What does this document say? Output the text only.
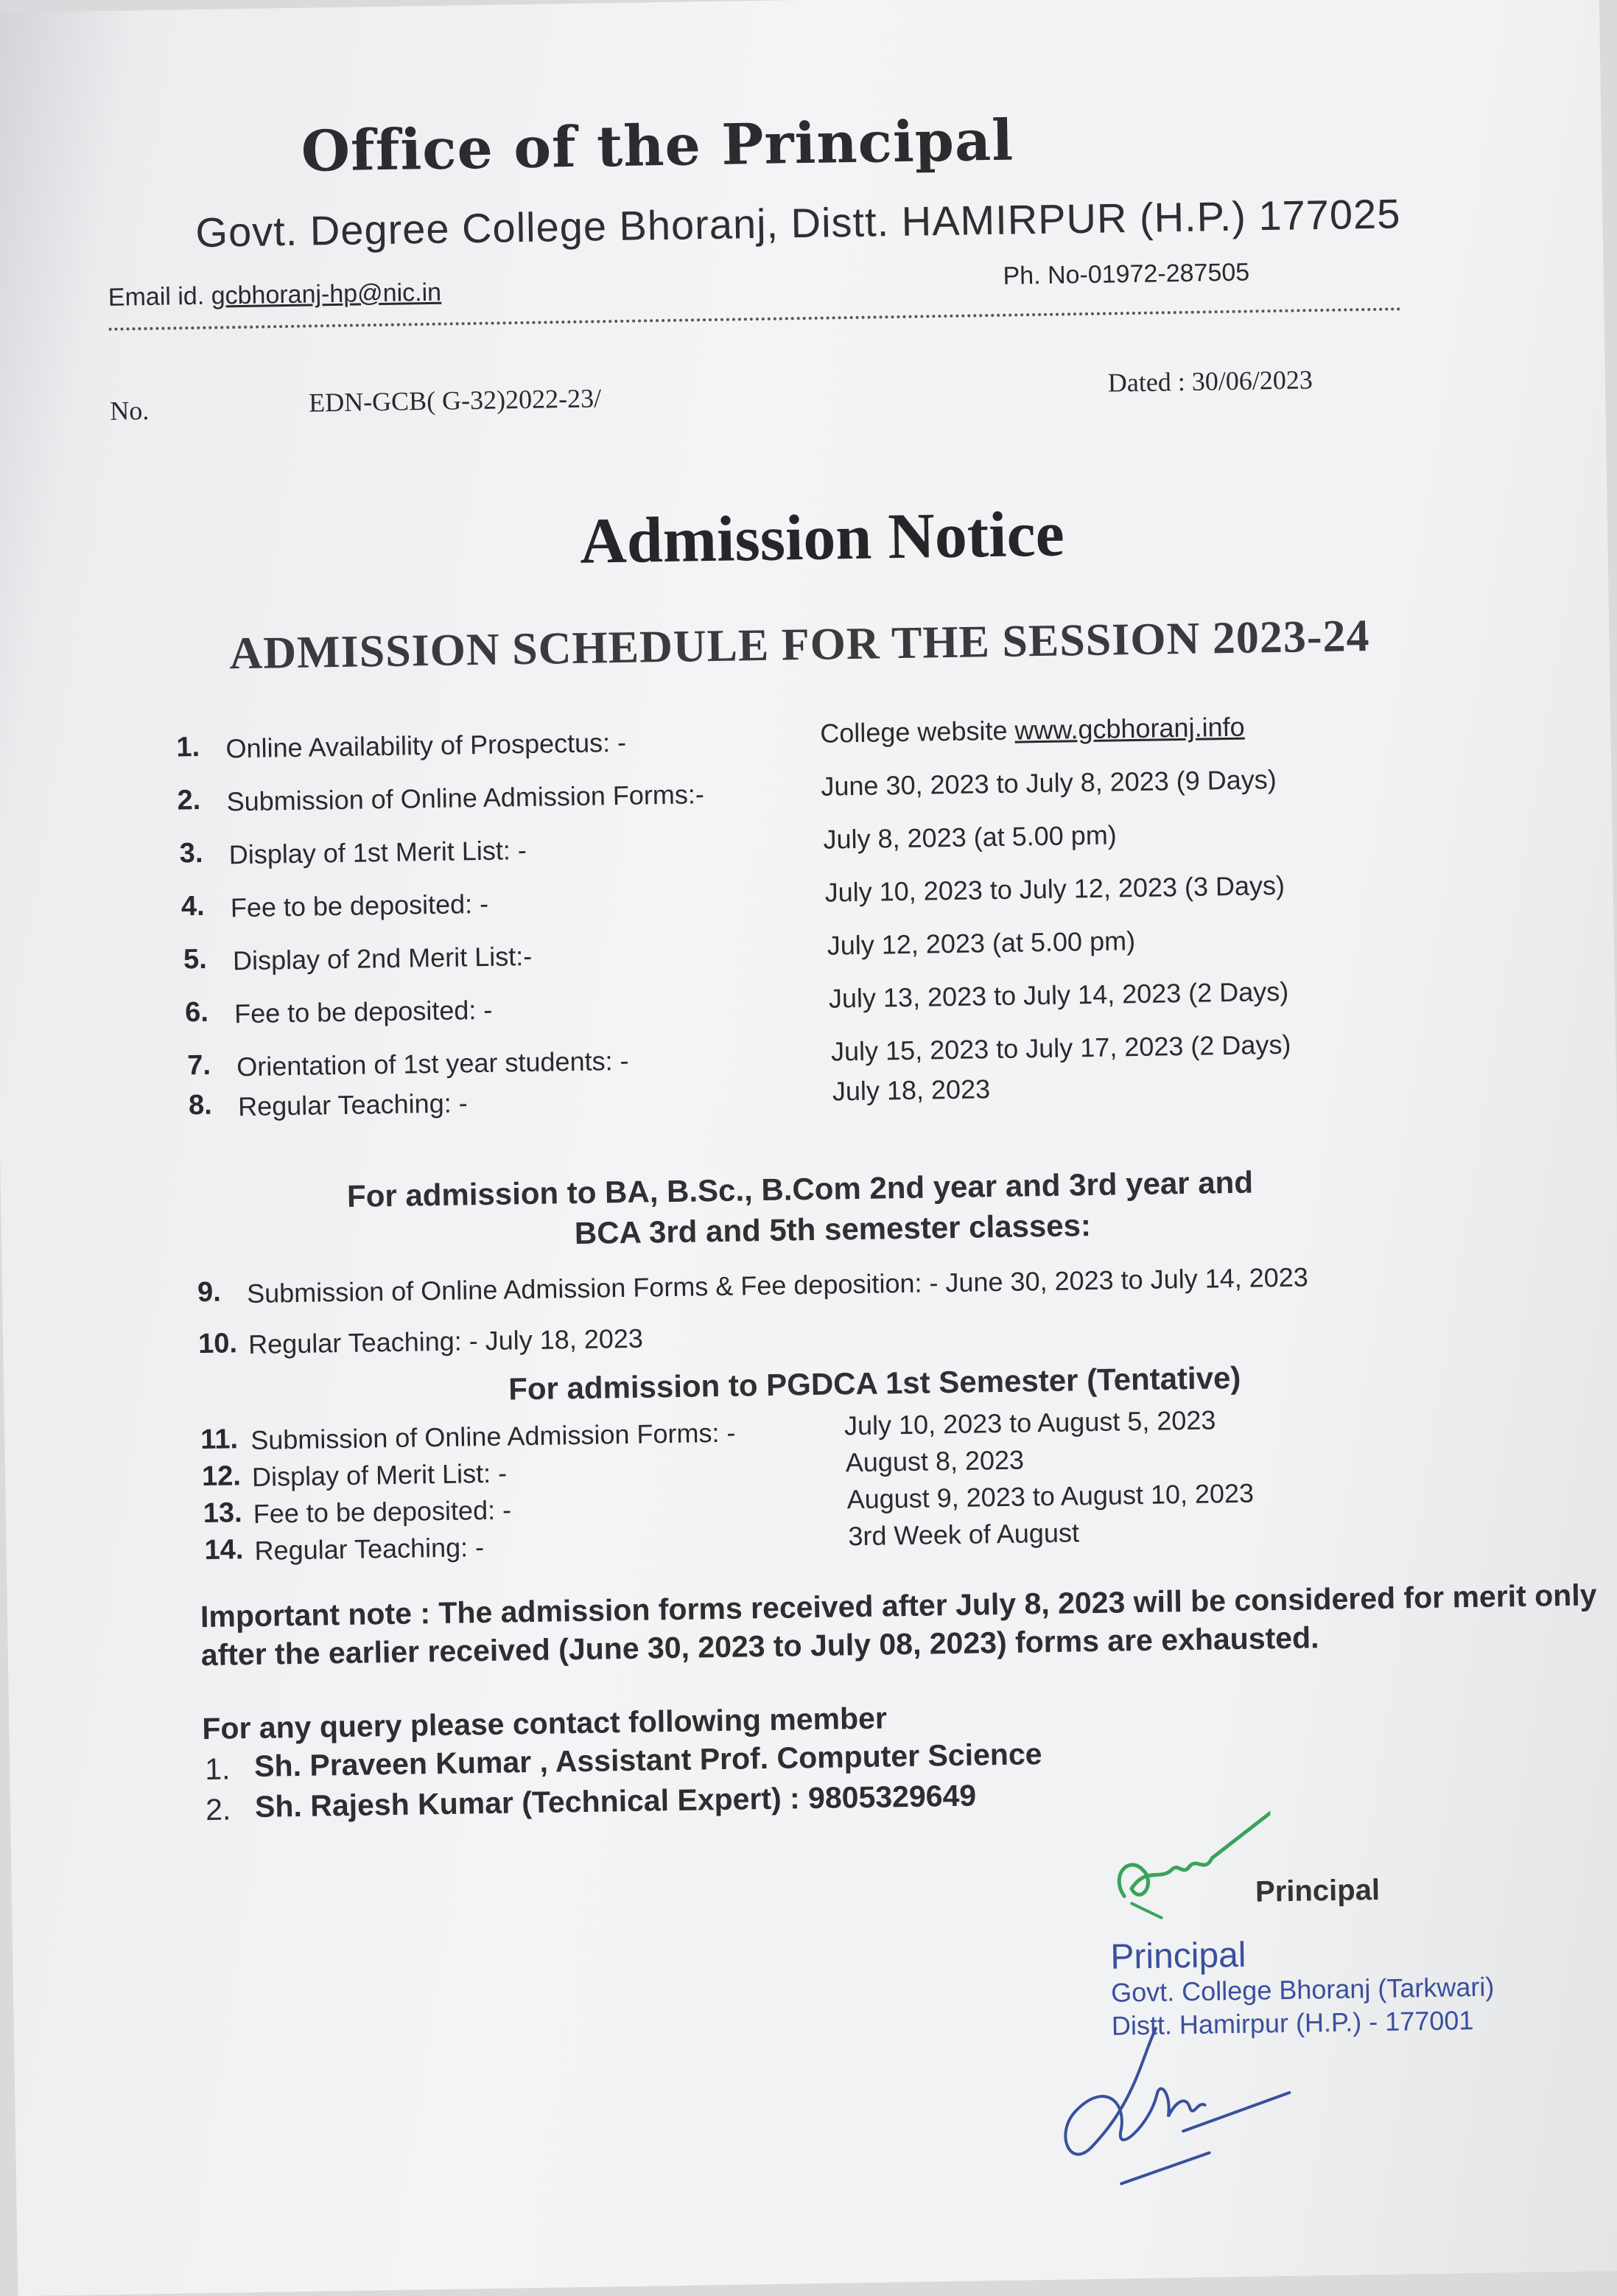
Office of the Principal
Govt. Degree College Bhoranj, Distt. HAMIRPUR (H.P.) 177025
Email id. gcbhoranj-hp@nic.in
Ph. No-01972-287505
No.	EDN-GCB( G-32)2022-23/
Dated : 30/06/2023
Admission Notice
ADMISSION SCHEDULE FOR THE SESSION 2023-24
1. Online Availability of Prospectus: -	College website www.gcbhoranj.info
2. Submission of Online Admission Forms:-	June 30, 2023 to July 8, 2023 (9 Days)
3. Display of 1st Merit List: -	July 8, 2023 (at 5.00 pm)
4. Fee to be deposited: -	July 10, 2023 to July 12, 2023 (3 Days)
5. Display of 2nd Merit List:-	July 12, 2023 (at 5.00 pm)
6. Fee to be deposited: -	July 13, 2023 to July 14, 2023 (2 Days)
7. Orientation of 1st year students: -	July 15, 2023 to July 17, 2023 (2 Days)
8. Regular Teaching: -	July 18, 2023
For admission to BA, B.Sc., B.Com 2nd year and 3rd year and
BCA 3rd and 5th semester classes:
9. Submission of Online Admission Forms & Fee deposition: - June 30, 2023 to July 14, 2023
10. Regular Teaching: - July 18, 2023
For admission to PGDCA 1st Semester (Tentative)
11. Submission of Online Admission Forms: -	July 10, 2023 to August 5, 2023
12. Display of Merit List: -	August 8, 2023
13. Fee to be deposited: -	August 9, 2023 to August 10, 2023
14. Regular Teaching: -	3rd Week of August
Important note : The admission forms received after July 8, 2023 will be considered for merit only after the earlier received (June 30, 2023 to July 08, 2023) forms are exhausted.
For any query please contact following member
1. Sh. Praveen Kumar , Assistant Prof. Computer Science
2. Sh. Rajesh Kumar (Technical Expert) : 9805329649
Principal
Principal
Govt. College Bhoranj (Tarkwari)
Distt. Hamirpur (H.P.) - 177001
